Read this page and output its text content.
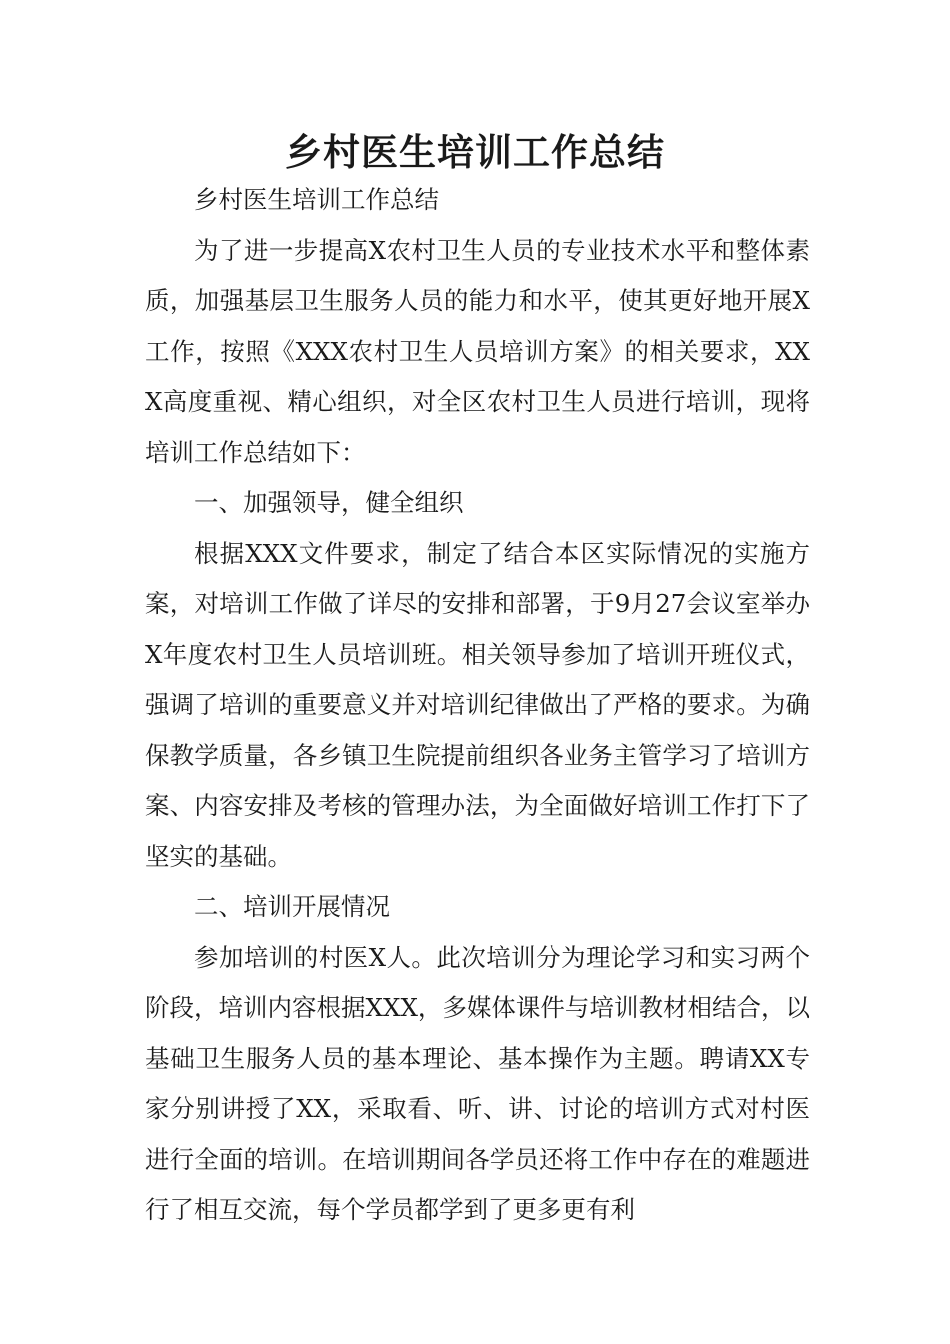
乡村医生培训工作总结

乡村医生培训工作总结

为了进一步提高X农村卫生人员的专业技术水平和整体素质，加强基层卫生服务人员的能力和水平，使其更好地开展X工作，按照《XXX农村卫生人员培训方案》的相关要求，XXX高度重视、精心组织，对全区农村卫生人员进行培训，现将培训工作总结如下：

一、加强领导，健全组织

根据XXX文件要求，制定了结合本区实际情况的实施方案，对培训工作做了详尽的安排和部署，于9月27会议室举办X年度农村卫生人员培训班。相关领导参加了培训开班仪式，强调了培训的重要意义并对培训纪律做出了严格的要求。为确保教学质量，各乡镇卫生院提前组织各业务主管学习了培训方案、内容安排及考核的管理办法，为全面做好培训工作打下了坚实的基础。

二、培训开展情况

参加培训的村医X人。此次培训分为理论学习和实习两个阶段，培训内容根据XXX，多媒体课件与培训教材相结合，以基础卫生服务人员的基本理论、基本操作为主题。聘请XX专家分别讲授了XX，采取看、听、讲、讨论的培训方式对村医进行全面的培训。在培训期间各学员还将工作中存在的难题进行了相互交流，每个学员都学到了更多更有利
